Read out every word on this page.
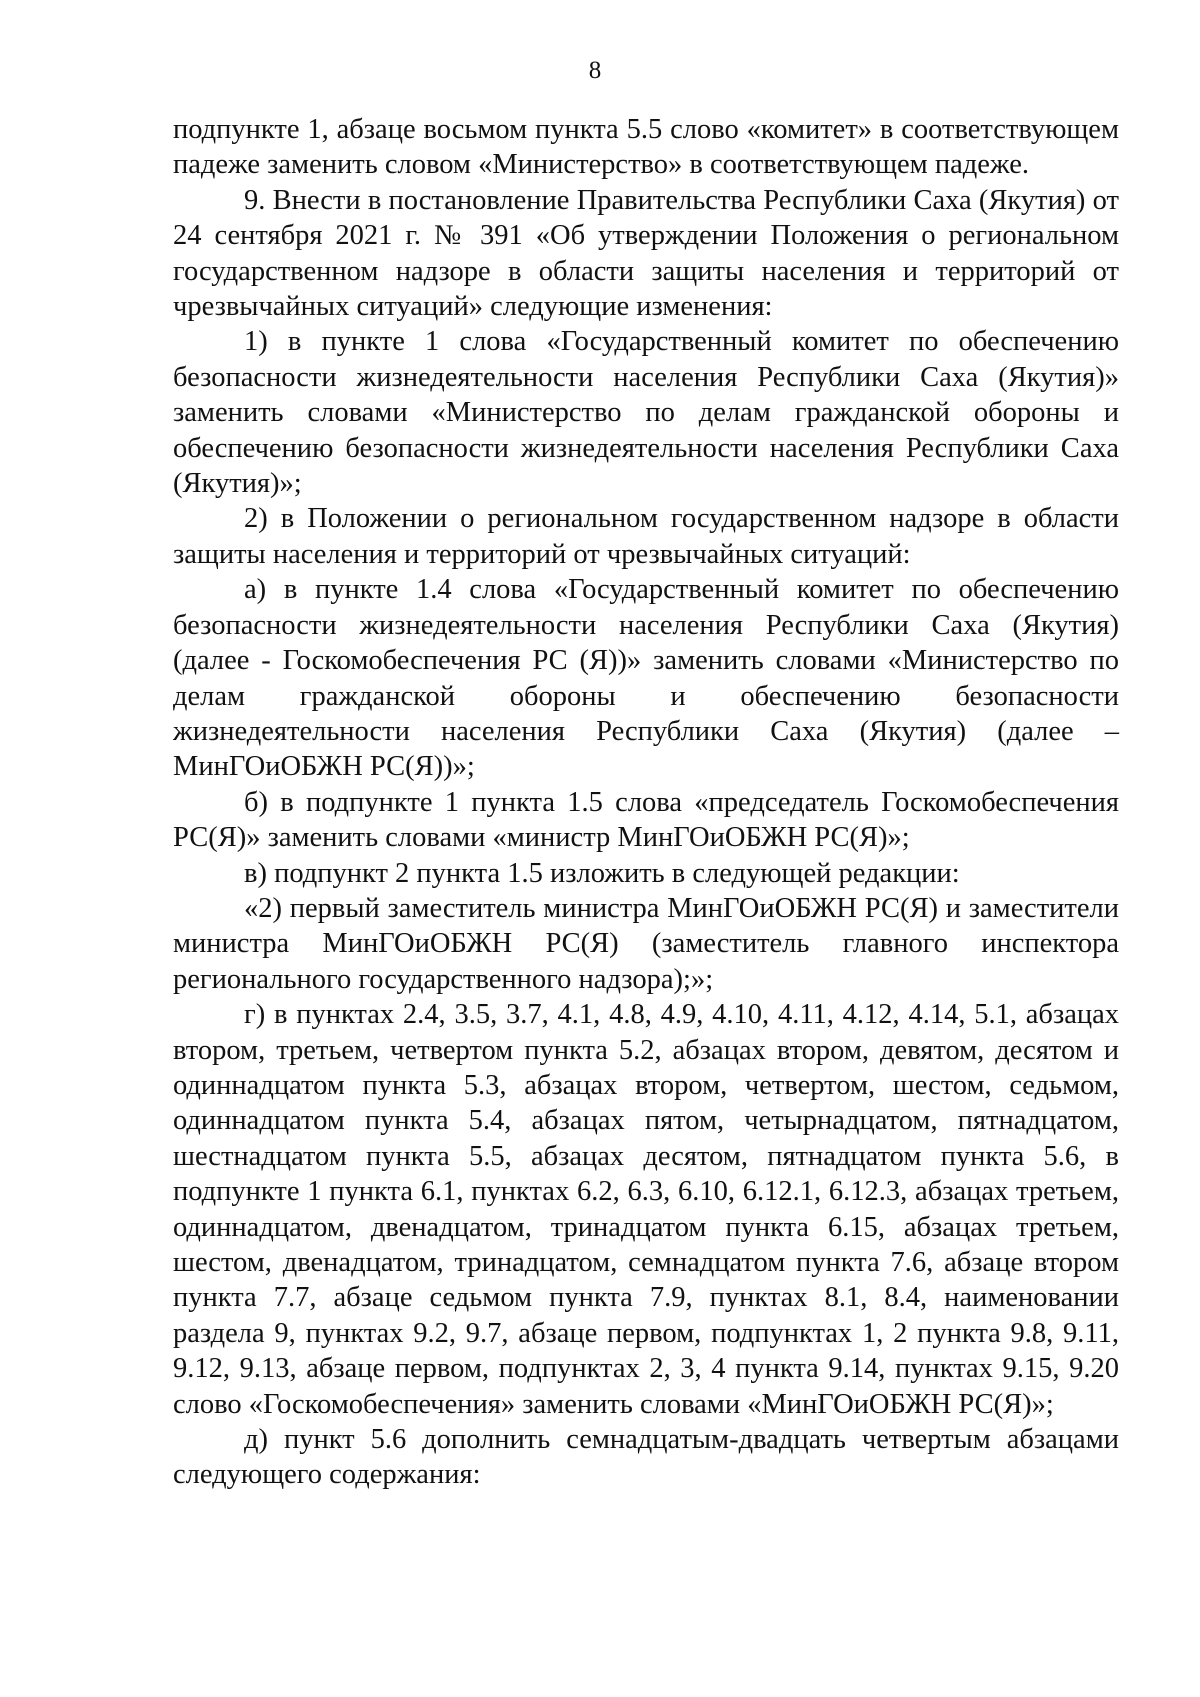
8

подпункте 1, абзаце восьмом пункта 5.5 слово «комитет» в соответствующем падеже заменить словом «Министерство» в соответствующем падеже.

9. Внести в постановление Правительства Республики Саха (Якутия) от 24 сентября 2021 г. № 391 «Об утверждении Положения о региональном государственном надзоре в области защиты населения и территорий от чрезвычайных ситуаций» следующие изменения:

1) в пункте 1 слова «Государственный комитет по обеспечению безопасности жизнедеятельности населения Республики Саха (Якутия)» заменить словами «Министерство по делам гражданской обороны и обеспечению безопасности жизнедеятельности населения Республики Саха (Якутия)»;

2) в Положении о региональном государственном надзоре в области защиты населения и территорий от чрезвычайных ситуаций:

а) в пункте 1.4 слова «Государственный комитет по обеспечению безопасности жизнедеятельности населения Республики Саха (Якутия) (далее - Госкомобеспечения РС (Я))» заменить словами «Министерство по делам гражданской обороны и обеспечению безопасности жизнедеятельности населения Республики Саха (Якутия) (далее – МинГОиОБЖН РС(Я))»;

б) в подпункте 1 пункта 1.5 слова «председатель Госкомобеспечения РС(Я)» заменить словами «министр МинГОиОБЖН РС(Я)»;

в) подпункт 2 пункта 1.5 изложить в следующей редакции:

«2) первый заместитель министра МинГОиОБЖН РС(Я) и заместители министра МинГОиОБЖН РС(Я) (заместитель главного инспектора регионального государственного надзора);»;

г) в пунктах 2.4, 3.5, 3.7, 4.1, 4.8, 4.9, 4.10, 4.11, 4.12, 4.14, 5.1, абзацах втором, третьем, четвертом пункта 5.2, абзацах втором, девятом, десятом и одиннадцатом пункта 5.3, абзацах втором, четвертом, шестом, седьмом, одиннадцатом пункта 5.4, абзацах пятом, четырнадцатом, пятнадцатом, шестнадцатом пункта 5.5, абзацах десятом, пятнадцатом пункта 5.6, в подпункте 1 пункта 6.1, пунктах 6.2, 6.3, 6.10, 6.12.1, 6.12.3, абзацах третьем, одиннадцатом, двенадцатом, тринадцатом пункта 6.15, абзацах третьем, шестом, двенадцатом, тринадцатом, семнадцатом пункта 7.6, абзаце втором пункта 7.7, абзаце седьмом пункта 7.9, пунктах 8.1, 8.4, наименовании раздела 9, пунктах 9.2, 9.7, абзаце первом, подпунктах 1, 2 пункта 9.8, 9.11, 9.12, 9.13, абзаце первом, подпунктах 2, 3, 4 пункта 9.14, пунктах 9.15, 9.20 слово «Госкомобеспечения» заменить словами «МинГОиОБЖН РС(Я)»;

д) пункт 5.6 дополнить семнадцатым-двадцать четвертым абзацами следующего содержания:
